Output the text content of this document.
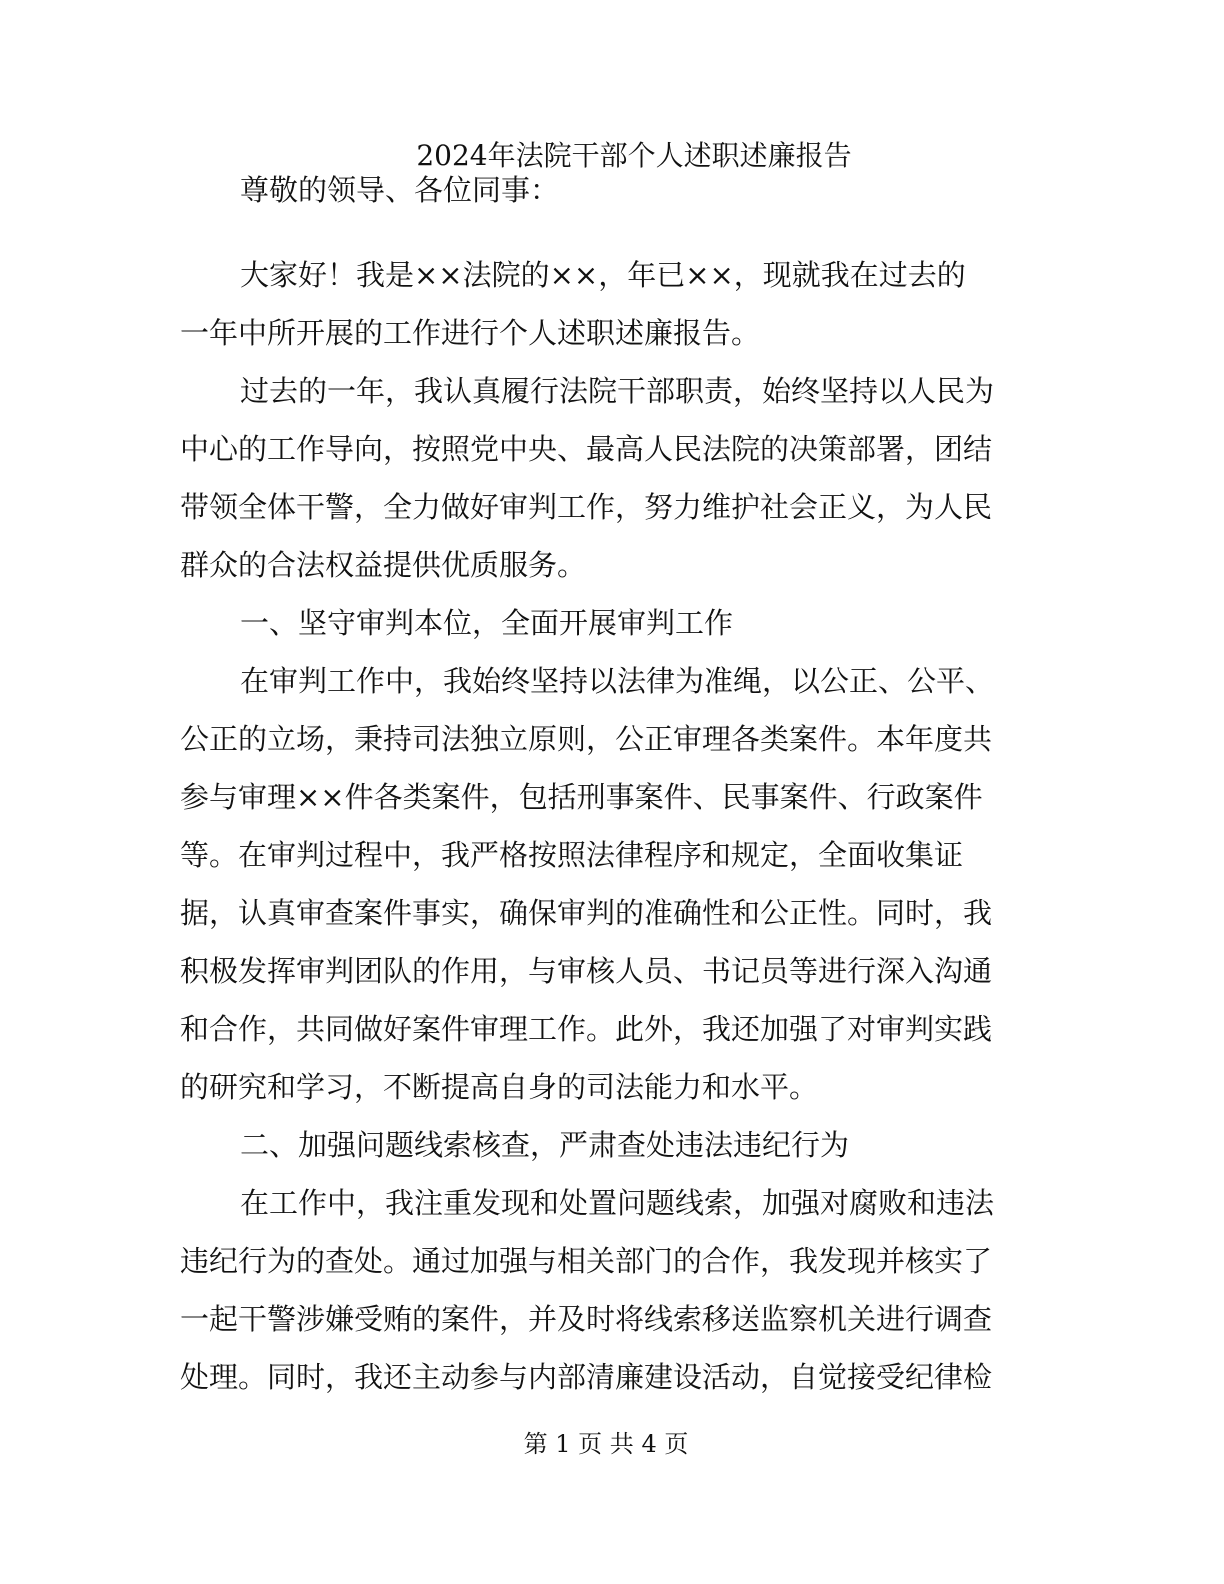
2024年法院干部个人述职述廉报告
尊敬的领导、各位同事：
大家好！我是××法院的××，年已××，现就我在过去的
一年中所开展的工作进行个人述职述廉报告。
过去的一年，我认真履行法院干部职责，始终坚持以人民为
中心的工作导向，按照党中央、最高人民法院的决策部署，团结
带领全体干警，全力做好审判工作，努力维护社会正义，为人民
群众的合法权益提供优质服务。
一、坚守审判本位，全面开展审判工作
在审判工作中，我始终坚持以法律为准绳，以公正、公平、
公正的立场，秉持司法独立原则，公正审理各类案件。本年度共
参与审理××件各类案件，包括刑事案件、民事案件、行政案件
等。在审判过程中，我严格按照法律程序和规定，全面收集证
据，认真审查案件事实，确保审判的准确性和公正性。同时，我
积极发挥审判团队的作用，与审核人员、书记员等进行深入沟通
和合作，共同做好案件审理工作。此外，我还加强了对审判实践
的研究和学习，不断提高自身的司法能力和水平。
二、加强问题线索核查，严肃查处违法违纪行为
在工作中，我注重发现和处置问题线索，加强对腐败和违法
违纪行为的查处。通过加强与相关部门的合作，我发现并核实了
一起干警涉嫌受贿的案件，并及时将线索移送监察机关进行调查
处理。同时，我还主动参与内部清廉建设活动，自觉接受纪律检
第 1 页 共 4 页
